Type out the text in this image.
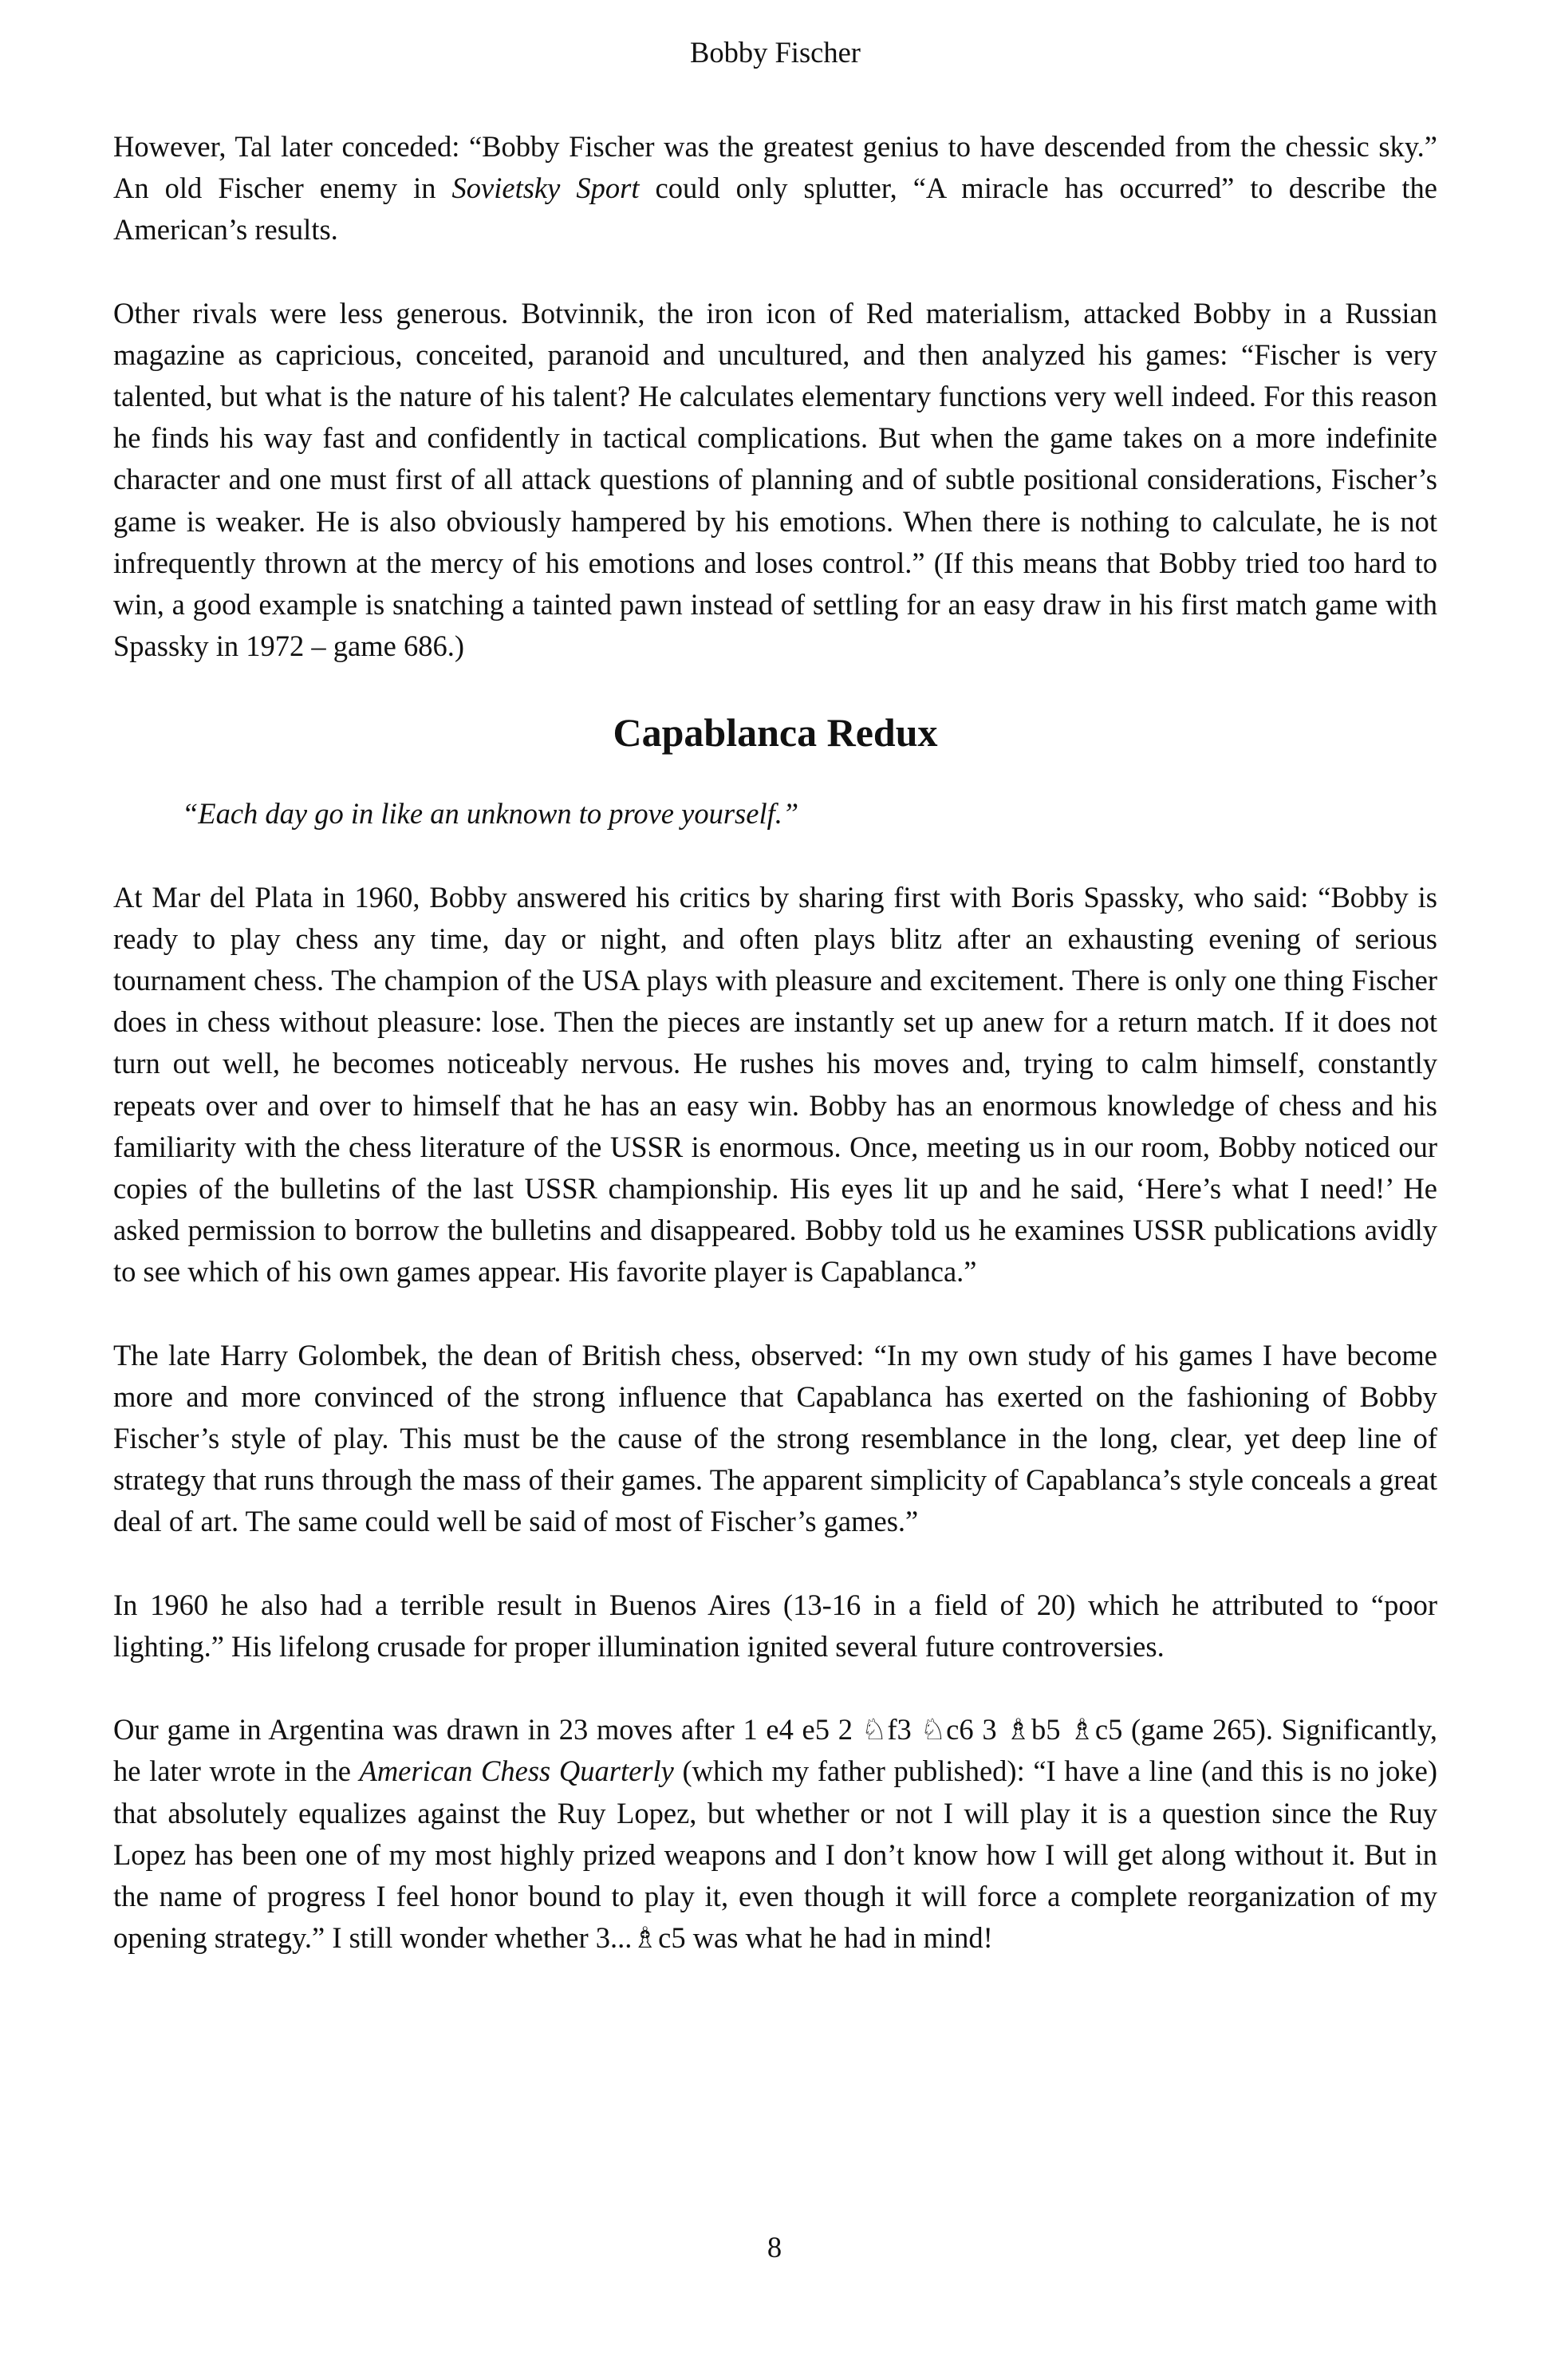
Bobby Fischer

However, Tal later conceded: “Bobby Fischer was the greatest genius to have descended from the chessic sky.” An old Fischer enemy in Sovietsky Sport could only splutter, “A miracle has occurred” to describe the American’s results.

Other rivals were less generous. Botvinnik, the iron icon of Red materialism, attacked Bobby in a Russian magazine as capricious, conceited, paranoid and uncultured, and then analyzed his games: “Fischer is very talented, but what is the nature of his talent? He calculates elementary functions very well indeed. For this reason he finds his way fast and confidently in tactical complications. But when the game takes on a more indefinite character and one must first of all attack questions of planning and of subtle positional considerations, Fischer’s game is weaker. He is also obviously hampered by his emotions. When there is nothing to calculate, he is not infrequently thrown at the mercy of his emotions and loses control.” (If this means that Bobby tried too hard to win, a good example is snatching a tainted pawn instead of settling for an easy draw in his first match game with Spassky in 1972 – game 686.)

Capablanca Redux

“Each day go in like an unknown to prove yourself.”

At Mar del Plata in 1960, Bobby answered his critics by sharing first with Boris Spassky, who said: “Bobby is ready to play chess any time, day or night, and often plays blitz after an exhausting evening of serious tournament chess. The champion of the USA plays with pleasure and excitement. There is only one thing Fischer does in chess without pleasure: lose. Then the pieces are instantly set up anew for a return match. If it does not turn out well, he becomes noticeably nervous. He rushes his moves and, trying to calm himself, constantly repeats over and over to himself that he has an easy win. Bobby has an enormous knowledge of chess and his familiarity with the chess literature of the USSR is enormous. Once, meeting us in our room, Bobby noticed our copies of the bulletins of the last USSR championship. His eyes lit up and he said, ‘Here’s what I need!’ He asked permission to borrow the bulletins and disappeared. Bobby told us he examines USSR publications avidly to see which of his own games appear. His favorite player is Capablanca.”

The late Harry Golombek, the dean of British chess, observed: “In my own study of his games I have become more and more convinced of the strong influence that Capablanca has exerted on the fashioning of Bobby Fischer’s style of play. This must be the cause of the strong resemblance in the long, clear, yet deep line of strategy that runs through the mass of their games. The apparent simplicity of Capablanca’s style conceals a great deal of art. The same could well be said of most of Fischer’s games.”

In 1960 he also had a terrible result in Buenos Aires (13-16 in a field of 20) which he attributed to “poor lighting.” His lifelong crusade for proper illumination ignited several future controversies.

Our game in Argentina was drawn in 23 moves after 1 e4 e5 2 ♘f3 ♘c6 3 ♗b5 ♗c5 (game 265). Significantly, he later wrote in the American Chess Quarterly (which my father published): “I have a line (and this is no joke) that absolutely equalizes against the Ruy Lopez, but whether or not I will play it is a question since the Ruy Lopez has been one of my most highly prized weapons and I don’t know how I will get along without it. But in the name of progress I feel honor bound to play it, even though it will force a complete reorganization of my opening strategy.” I still wonder whether 3...♗c5 was what he had in mind!

8
